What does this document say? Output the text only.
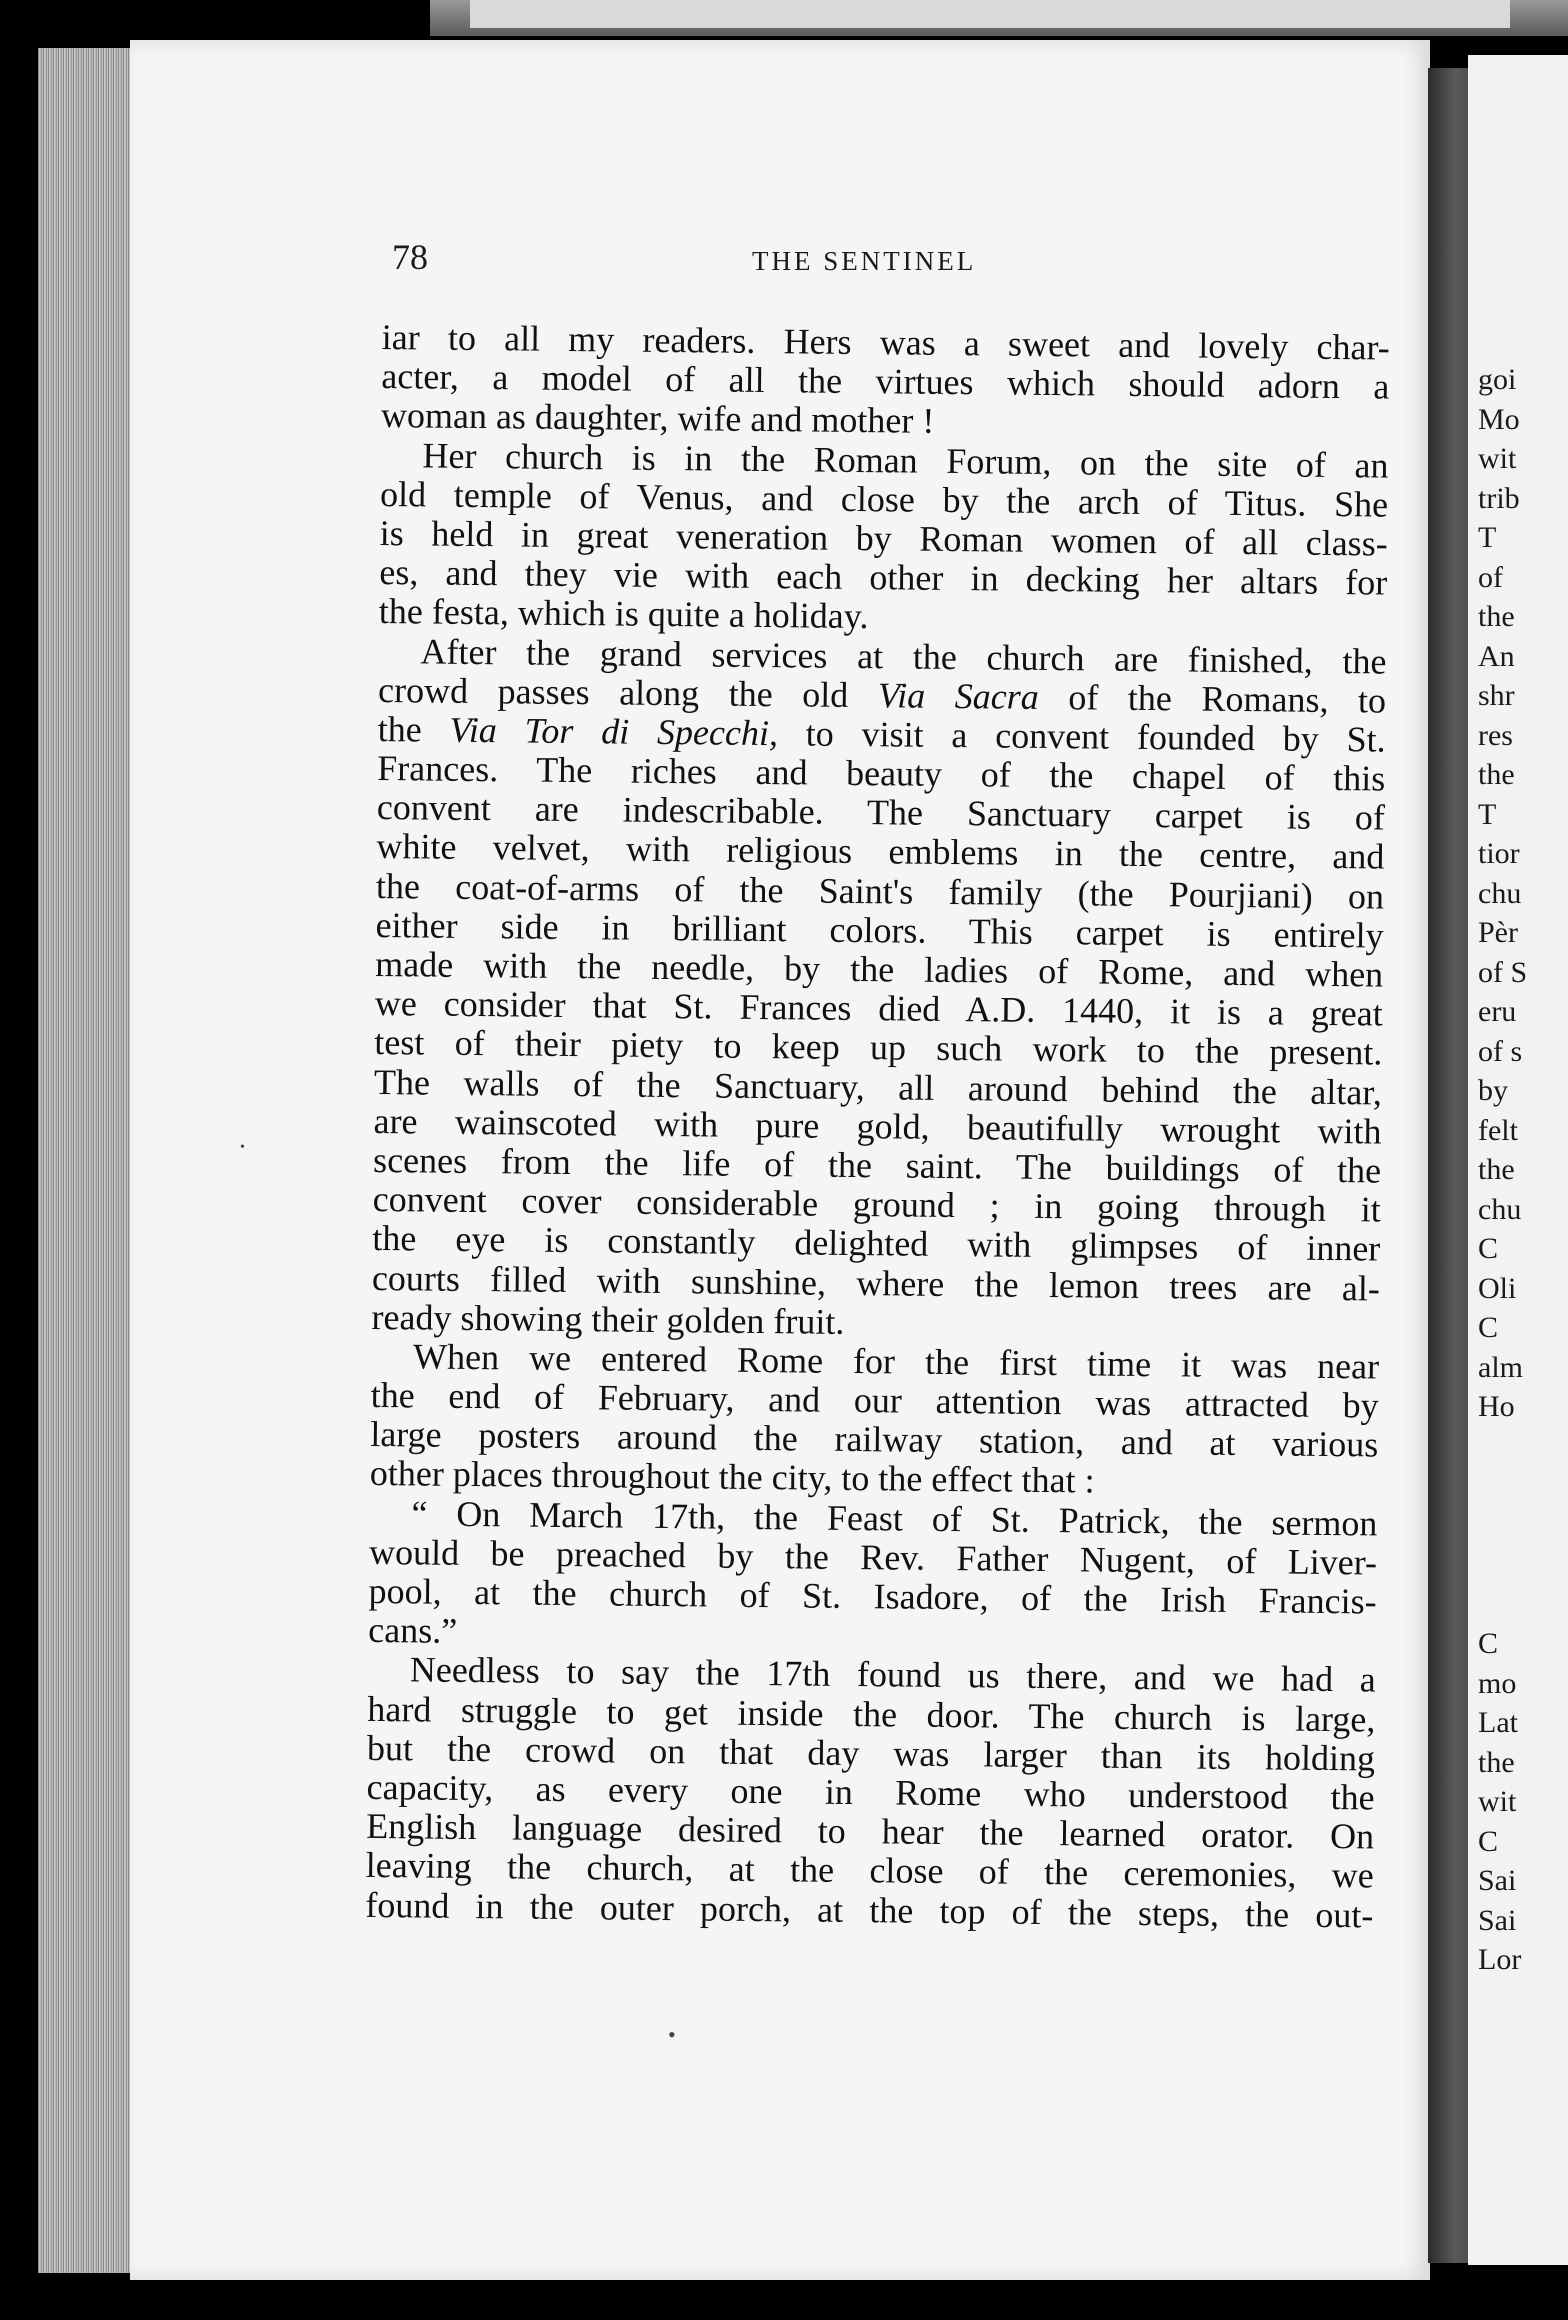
goi
Mo
wit
trib
T
of
the
An
shr
res
the
T
tior
chu
Pèr
of S
eru
of s
by
felt
the
chu
C
Oli
C
alm
Ho
C
mo
Lat
the
wit
C
Sai
Sai
Lor
78	THE SENTINEL
iar to all my readers. Hers was a sweet and lovely char-
acter, a model of all the virtues which should adorn a
woman as daughter, wife and mother !
Her church is in the Roman Forum, on the site of an
old temple of Venus, and close by the arch of Titus. She
is held in great veneration by Roman women of all class-
es, and they vie with each other in decking her altars for
the festa, which is quite a holiday.
After the grand services at the church are finished, the
crowd passes along the old Via Sacra of the Romans, to
the Via Tor di Specchi, to visit a convent founded by St.
Frances. The riches and beauty of the chapel of this
convent are indescribable. The Sanctuary carpet is of
white velvet, with religious emblems in the centre, and
the coat-of-arms of the Saint's family (the Pourjiani) on
either side in brilliant colors. This carpet is entirely
made with the needle, by the ladies of Rome, and when
we consider that St. Frances died A.D. 1440, it is a great
test of their piety to keep up such work to the present.
The walls of the Sanctuary, all around behind the altar,
are wainscoted with pure gold, beautifully wrought with
scenes from the life of the saint. The buildings of the
convent cover considerable ground ; in going through it
the eye is constantly delighted with glimpses of inner
courts filled with sunshine, where the lemon trees are al-
ready showing their golden fruit.
When we entered Rome for the first time it was near
the end of February, and our attention was attracted by
large posters around the railway station, and at various
other places throughout the city, to the effect that :
“ On March 17th, the Feast of St. Patrick, the sermon
would be preached by the Rev. Father Nugent, of Liver-
pool, at the church of St. Isadore, of the Irish Francis-
cans.”
Needless to say the 17th found us there, and we had a
hard struggle to get inside the door. The church is large,
but the crowd on that day was larger than its holding
capacity, as every one in Rome who understood the
English language desired to hear the learned orator. On
leaving the church, at the close of the ceremonies, we
found in the outer porch, at the top of the steps, the out-
•
•
